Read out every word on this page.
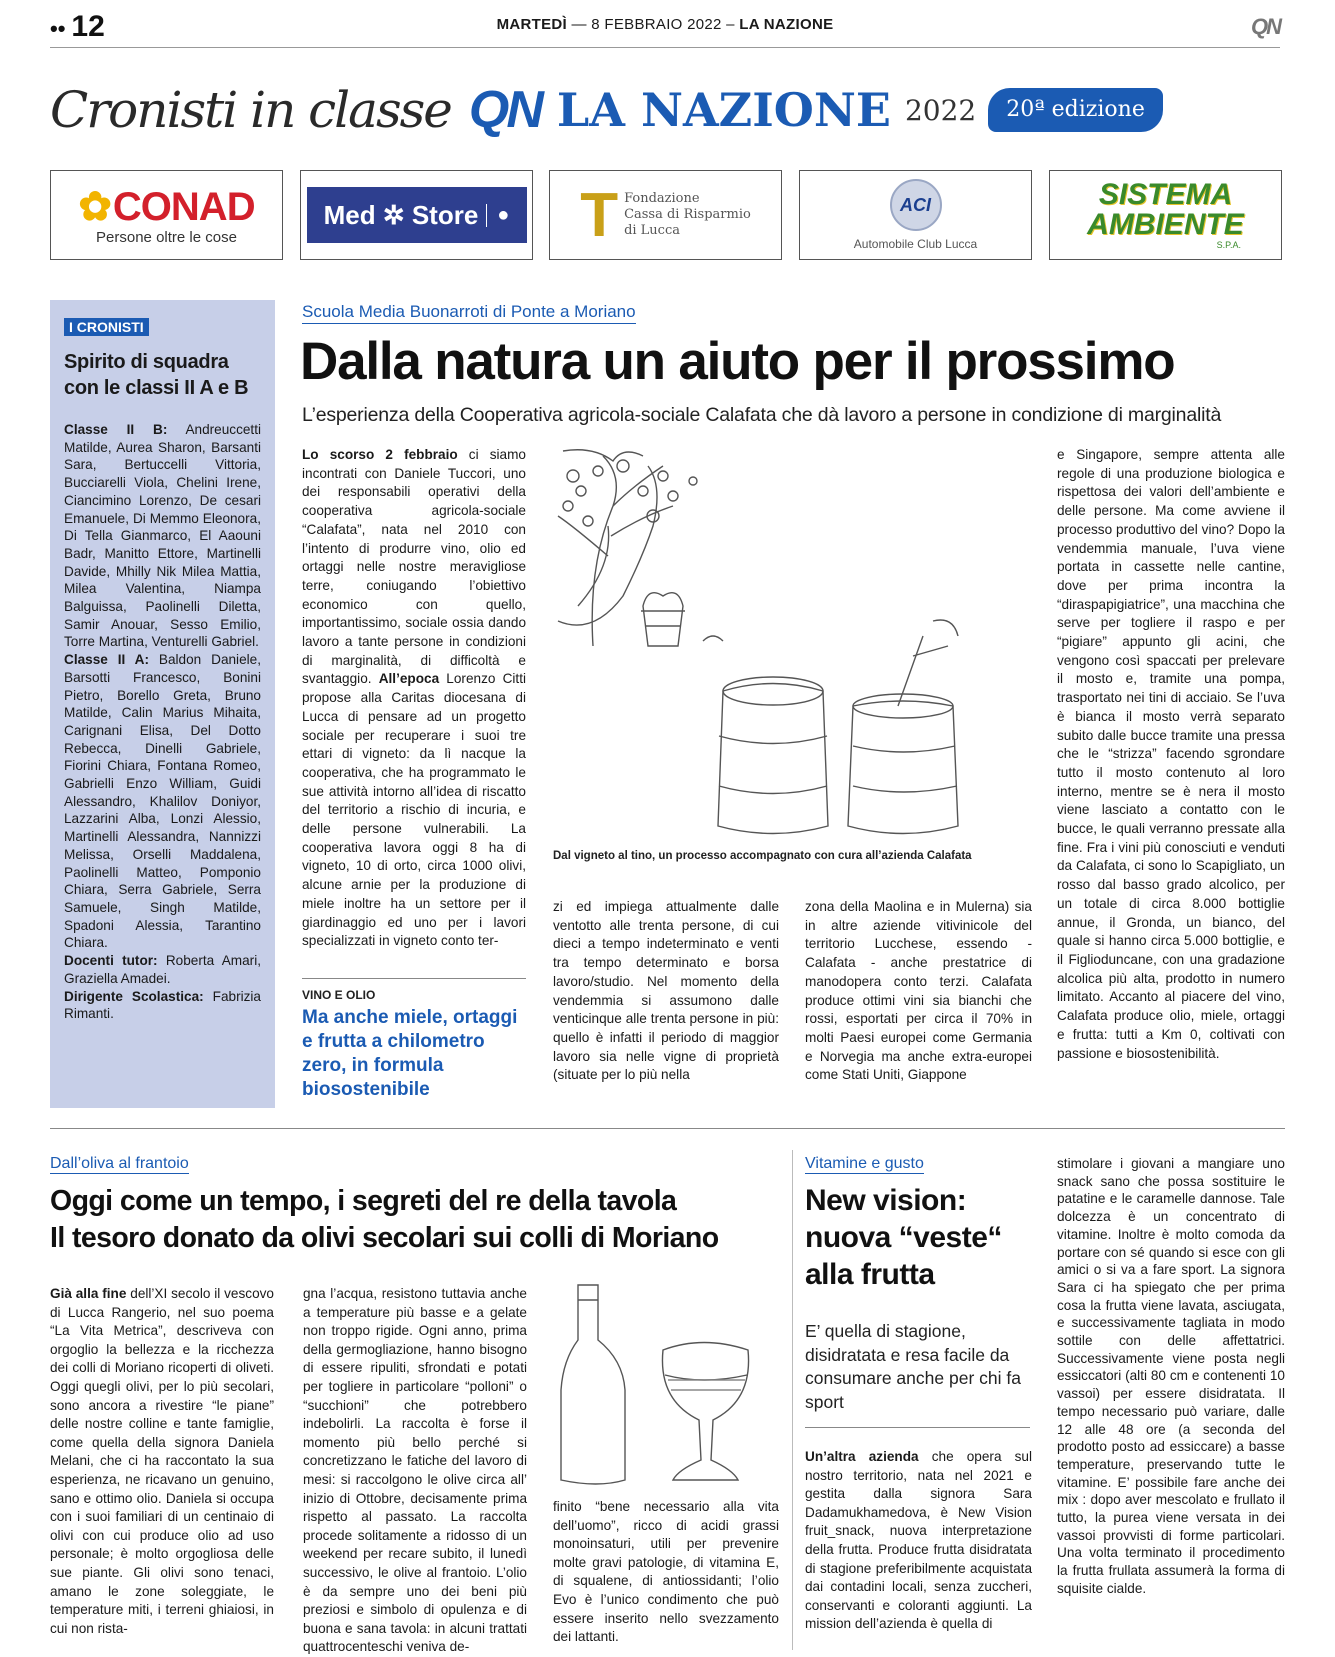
•• 12	MARTEDÌ — 8 FEBBRAIO 2022 – LA NAZIONE	QN
Cronisti in classe QN LA NAZIONE 2022	20ª edizione
✿ CONAD
Persone oltre le cose
Med ✲ Store ● T Fondazione
Cassa di Risparmio
di Lucca
ACI
Automobile Club Lucca
SISTEMA
AMBIENTE
S.P.A.
I CRONISTI
Spirito di squadra con le classi II A e B
Classe II B: Andreuccetti Matilde, Aurea Sharon, Barsanti Sara, Bertuccelli Vittoria, Bucciarelli Viola, Chelini Irene, Ciancimino Lorenzo, De cesari Emanuele, Di Memmo Eleonora, Di Tella Gianmarco, El Aaouni Badr, Manitto Ettore, Martinelli Davide, Mhilly Nik Milea Mattia, Milea Valentina, Niampa Balguissa, Paolinelli Diletta, Samir Anouar, Sesso Emilio, Torre Martina, Venturelli Gabriel.
Classe II A: Baldon Daniele, Barsotti Francesco, Bonini Pietro, Borello Greta, Bruno Matilde, Calin Marius Mihaita, Carignani Elisa, Del Dotto Rebecca, Dinelli Gabriele, Fiorini Chiara, Fontana Romeo, Gabrielli Enzo William, Guidi Alessandro, Khalilov Doniyor, Lazzarini Alba, Lonzi Alessio, Martinelli Alessandra, Nannizzi Melissa, Orselli Maddalena, Paolinelli Matteo, Pomponio Chiara, Serra Gabriele, Serra Samuele, Singh Matilde, Spadoni Alessia, Tarantino Chiara.
Docenti tutor: Roberta Amari, Graziella Amadei.
Dirigente Scolastica: Fabrizia Rimanti.
Scuola Media Buonarroti di Ponte a Moriano
Dalla natura un aiuto per il prossimo
L’esperienza della Cooperativa agricola-sociale Calafata che dà lavoro a persone in condizione di marginalità
Lo scorso 2 febbraio ci siamo incontrati con Daniele Tuccori, uno dei responsabili operativi della cooperativa agricola-sociale “Calafata”, nata nel 2010 con l’intento di produrre vino, olio ed ortaggi nelle nostre meravigliose terre, coniugando l’obiettivo economico con quello, importantissimo, sociale ossia dando lavoro a tante persone in condizioni di marginalità, di difficoltà e svantaggio. All’epoca Lorenzo Citti propose alla Caritas diocesana di Lucca di pensare ad un progetto sociale per recuperare i suoi tre ettari di vigneto: da lì nacque la cooperativa, che ha programmato le sue attività intorno all’idea di riscatto del territorio a rischio di incuria, e delle persone vulnerabili. La cooperativa lavora oggi 8 ha di vigneto, 10 di orto, circa 1000 olivi, alcune arnie per la produzione di miele inoltre ha un settore per il giardinaggio ed uno per i lavori specializzati in vigneto conto ter-
Dal vigneto al tino, un processo accompagnato con cura all’azienda Calafata
zi ed impiega attualmente dalle ventotto alle trenta persone, di cui dieci a tempo indeterminato e venti tra tempo determinato e borsa lavoro/studio. Nel momento della vendemmia si assumono dalle venticinque alle trenta persone in più: quello è infatti il periodo di maggior lavoro sia nelle vigne di proprietà (situate per lo più nella
zona della Maolina e in Mulerna) sia in altre aziende vitivinicole del territorio Lucchese, essendo - Calafata - anche prestatrice di manodopera conto terzi. Calafata produce ottimi vini sia bianchi che rossi, esportati per circa il 70% in molti Paesi europei come Germania e Norvegia ma anche extra-europei come Stati Uniti, Giappone
e Singapore, sempre attenta alle regole di una produzione biologica e rispettosa dei valori dell’ambiente e delle persone. Ma come avviene il processo produttivo del vino? Dopo la vendemmia manuale, l’uva viene portata in cassette nelle cantine, dove per prima incontra la “diraspapigiatrice”, una macchina che serve per togliere il raspo e per “pigiare” appunto gli acini, che vengono così spaccati per prelevare il mosto e, tramite una pompa, trasportato nei tini di acciaio. Se l’uva è bianca il mosto verrà separato subito dalle bucce tramite una pressa che le “strizza” facendo sgrondare tutto il mosto contenuto al loro interno, mentre se è nera il mosto viene lasciato a contatto con le bucce, le quali verranno pressate alla fine. Fra i vini più conosciuti e venduti da Calafata, ci sono lo Scapigliato, un rosso dal basso grado alcolico, per un totale di circa 8.000 bottiglie annue, il Gronda, un bianco, del quale si hanno circa 5.000 bottiglie, e il Figlioduncane, con una gradazione alcolica più alta, prodotto in numero limitato. Accanto al piacere del vino, Calafata produce olio, miele, ortaggi e frutta: tutti a Km 0, coltivati con passione e biosostenibilità.
VINO E OLIO
Ma anche miele, ortaggi e frutta a chilometro zero, in formula biosostenibile
Dall’oliva al frantoio
Oggi come un tempo, i segreti del re della tavola
Il tesoro donato da olivi secolari sui colli di Moriano
Già alla fine dell’XI secolo il vescovo di Lucca Rangerio, nel suo poema “La Vita Metrica”, descriveva con orgoglio la bellezza e la ricchezza dei colli di Moriano ricoperti di oliveti. Oggi quegli olivi, per lo più secolari, sono ancora a rivestire “le piane” delle nostre colline e tante famiglie, come quella della signora Daniela Melani, che ci ha raccontato la sua esperienza, ne ricavano un genuino, sano e ottimo olio. Daniela si occupa con i suoi familiari di un centinaio di olivi con cui produce olio ad uso personale; è molto orgogliosa delle sue piante. Gli olivi sono tenaci, amano le zone soleggiate, le temperature miti, i terreni ghiaiosi, in cui non rista-
gna l’acqua, resistono tuttavia anche a temperature più basse e a gelate non troppo rigide. Ogni anno, prima della germogliazione, hanno bisogno di essere ripuliti, sfrondati e potati per togliere in particolare “polloni” o “succhioni” che potrebbero indebolirli. La raccolta è forse il momento più bello perché si concretizzano le fatiche del lavoro di mesi: si raccolgono le olive circa all’ inizio di Ottobre, decisamente prima rispetto al passato. La raccolta procede solitamente a ridosso di un weekend per recare subito, il lunedì successivo, le olive al frantoio. L’olio è da sempre uno dei beni più preziosi e simbolo di opulenza e di buona e sana tavola: in alcuni trattati quattrocenteschi veniva de-
finito “bene necessario alla vita dell’uomo”, ricco di acidi grassi monoinsaturi, utili per prevenire molte gravi patologie, di vitamina E, di squalene, di antiossidanti; l’olio Evo è l’unico condimento che può essere inserito nello svezzamento dei lattanti.
Vitamine e gusto
New vision: nuova “veste“ alla frutta
E’ quella di stagione, disidratata e resa facile da consumare anche per chi fa sport
Un’altra azienda che opera sul nostro territorio, nata nel 2021 e gestita dalla signora Sara Dadamukhamedova, è New Vision fruit_snack, nuova interpretazione della frutta. Produce frutta disidratata di stagione preferibilmente acquistata dai contadini locali, senza zuccheri, conservanti e coloranti aggiunti. La mission dell’azienda è quella di
stimolare i giovani a mangiare uno snack sano che possa sostituire le patatine e le caramelle dannose. Tale dolcezza è un concentrato di vitamine. Inoltre è molto comoda da portare con sé quando si esce con gli amici o si va a fare sport. La signora Sara ci ha spiegato che per prima cosa la frutta viene lavata, asciugata, e successivamente tagliata in modo sottile con delle affettatrici. Successivamente viene posta negli essiccatori (alti 80 cm e contenenti 10 vassoi) per essere disidratata. Il tempo necessario può variare, dalle 12 alle 48 ore (a seconda del prodotto posto ad essiccare) a basse temperature, preservando tutte le vitamine. E’ possibile fare anche dei mix : dopo aver mescolato e frullato il tutto, la purea viene versata in dei vassoi provvisti di forme particolari. Una volta terminato il procedimento la frutta frullata assumerà la forma di squisite cialde.
